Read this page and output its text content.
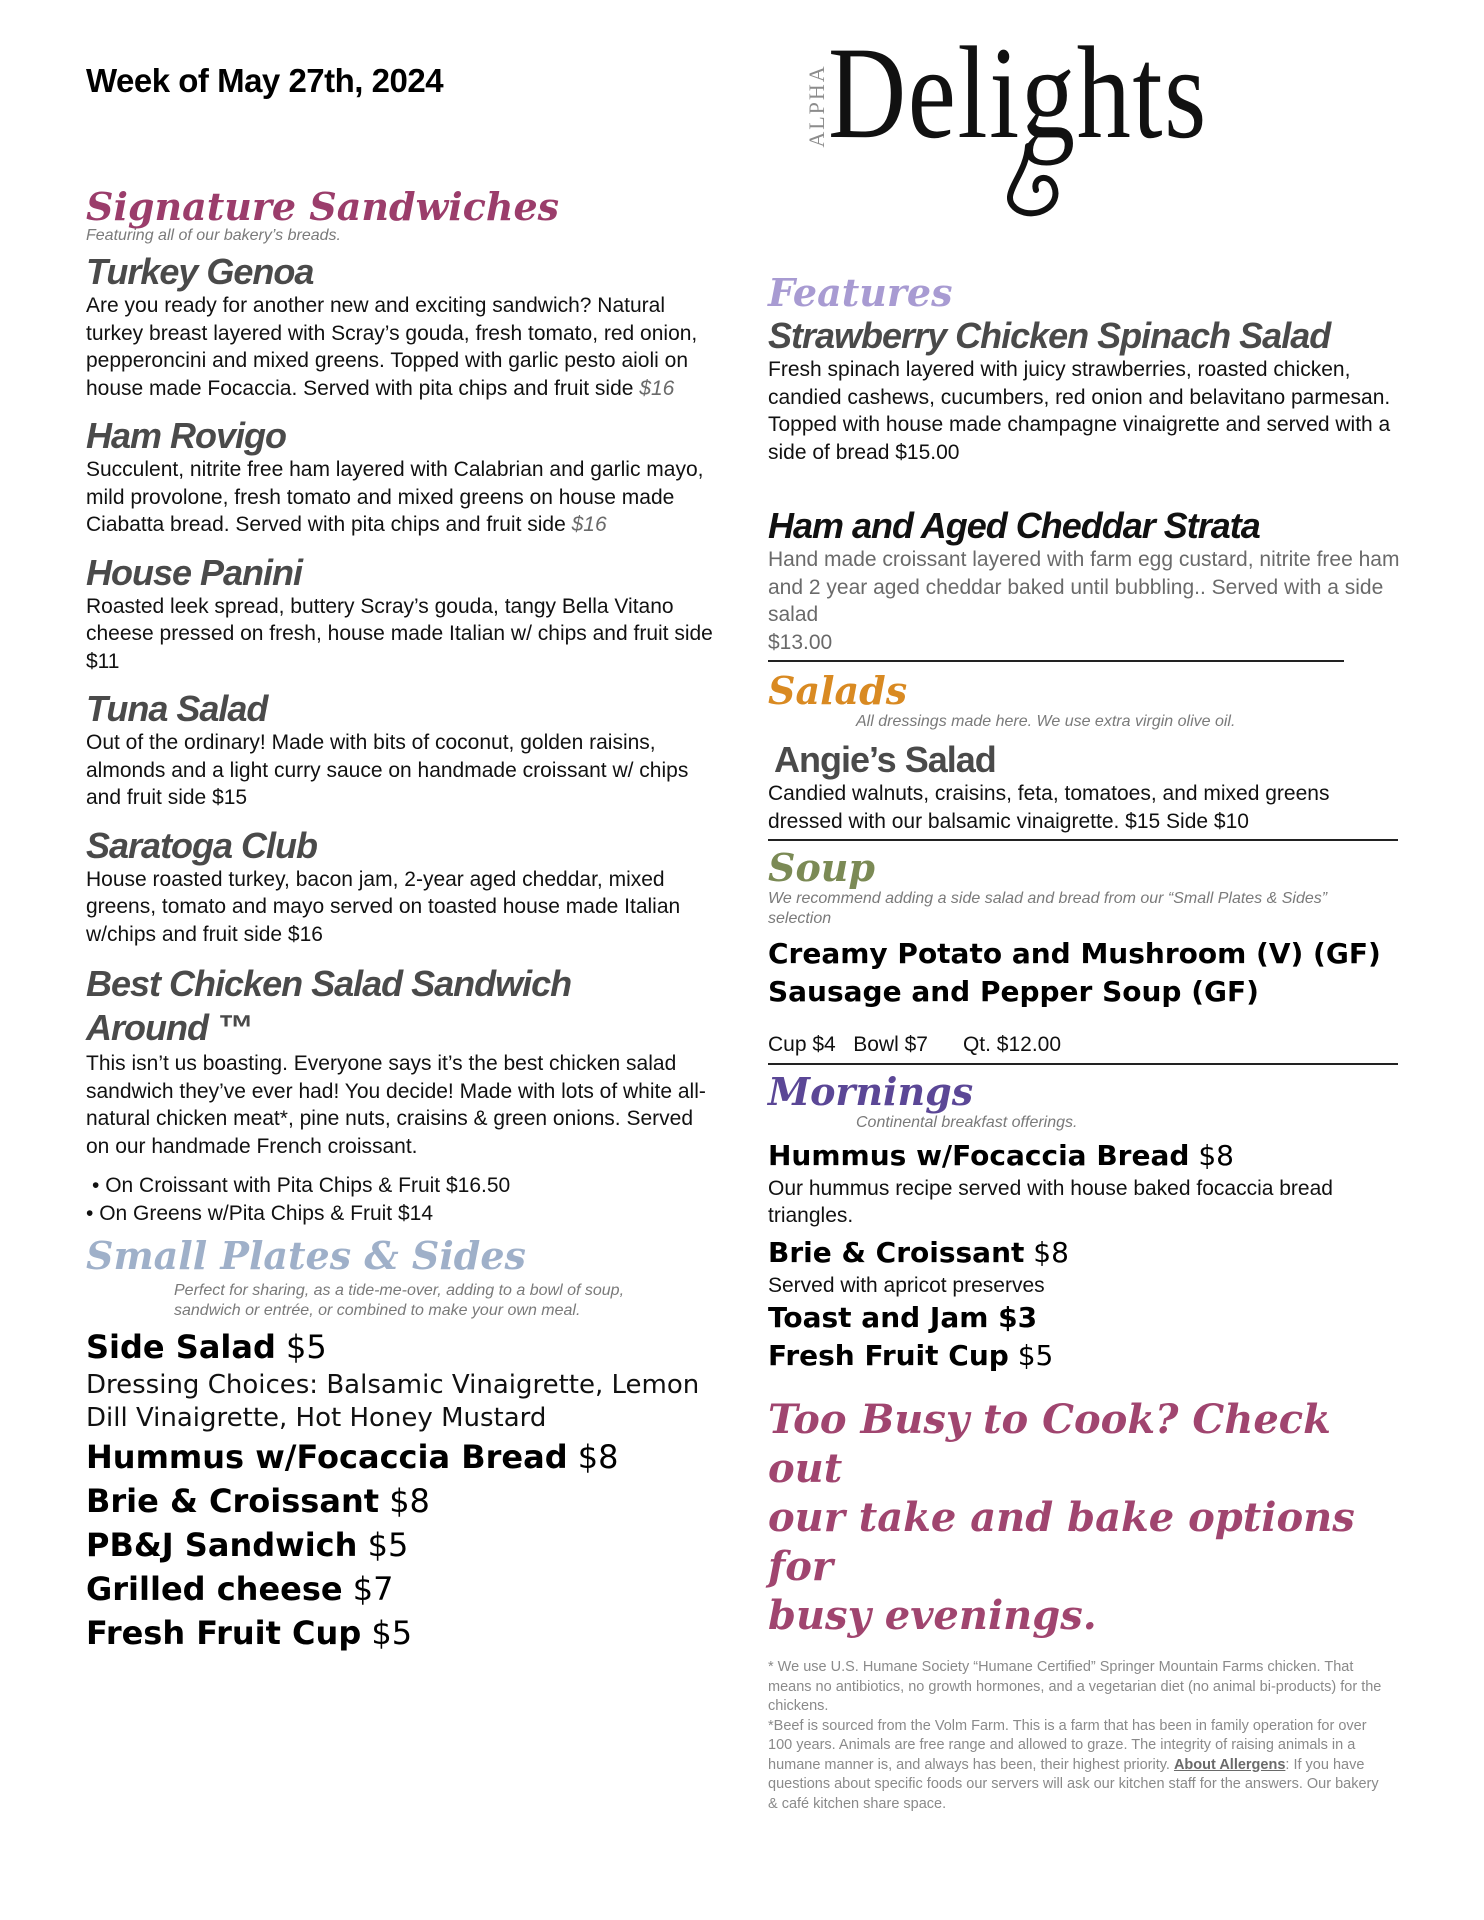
Week of May 27th, 2024	ALPHA Delights
Signature Sandwiches
Featuring all of our bakery’s breads.
Turkey Genoa

Are you ready for another new and exciting sandwich? Natural turkey breast layered with Scray’s gouda, fresh tomato, red onion, pepperoncini and mixed greens. Topped with garlic pesto aioli on house made Focaccia. Served with pita chips and fruit side $16

Ham Rovigo

Succulent, nitrite free ham layered with Calabrian and garlic mayo, mild provolone, fresh tomato and mixed greens on house made Ciabatta bread. Served with pita chips and fruit side $16

House Panini

Roasted leek spread, buttery Scray’s gouda, tangy Bella Vitano cheese pressed on fresh, house made Italian w/ chips and fruit side $11

Tuna Salad

Out of the ordinary! Made with bits of coconut, golden raisins, almonds and a light curry sauce on handmade croissant w/ chips and fruit side $15

Saratoga Club

House roasted turkey, bacon jam, 2-year aged cheddar, mixed greens, tomato and mayo served on toasted house made Italian w/chips and fruit side $16

Best Chicken Salad Sandwich
Around ™

This isn’t us boasting. Everyone says it’s the best chicken salad sandwich they’ve ever had! You decide! Made with lots of white all-natural chicken meat*, pine nuts, craisins & green onions. Served on our handmade French croissant.

• On Croissant with Pita Chips & Fruit $16.50
• On Greens w/Pita Chips & Fruit $14
Small Plates & Sides
Perfect for sharing, as a tide-me-over, adding to a bowl of soup,
sandwich or entrée, or combined to make your own meal.
Side Salad $5
Dressing Choices: Balsamic Vinaigrette, Lemon Dill Vinaigrette, Hot Honey Mustard
Hummus w/Focaccia Bread $8
Brie & Croissant $8
PB&J Sandwich $5
Grilled cheese $7
Fresh Fruit Cup $5
Features
Strawberry Chicken Spinach Salad

Fresh spinach layered with juicy strawberries, roasted chicken, candied cashews, cucumbers, red onion and belavitano parmesan. Topped with house made champagne vinaigrette and served with a side of bread $15.00

Ham and Aged Cheddar Strata

Hand made croissant layered with farm egg custard, nitrite free ham and 2 year aged cheddar baked until bubbling.. Served with a side salad
$13.00

Salads
All dressings made here. We use extra virgin olive oil.
Angie’s Salad

Candied walnuts, craisins, feta, tomatoes, and mixed greens dressed with our balsamic vinaigrette. $15 Side $10

Soup
We recommend adding a side salad and bread from our “Small Plates & Sides” selection
Creamy Potato and Mushroom (V) (GF)
Sausage and Pepper Soup (GF)
Cup $4 Bowl $7 Qt. $12.00
Mornings
Continental breakfast offerings.
Hummus w/Focaccia Bread $8

Our hummus recipe served with house baked focaccia bread triangles.

Brie & Croissant $8

Served with apricot preserves

Toast and Jam $3
Fresh Fruit Cup $5
Too Busy to Cook? Check out
our take and bake options for
busy evenings.
* We use U.S. Humane Society “Humane Certified” Springer Mountain Farms chicken. That means no antibiotics, no growth hormones, and a vegetarian diet (no animal bi-products) for the chickens.
*Beef is sourced from the Volm Farm. This is a farm that has been in family operation for over 100 years. Animals are free range and allowed to graze. The integrity of raising animals in a humane manner is, and always has been, their highest priority. About Allergens: If you have questions about specific foods our servers will ask our kitchen staff for the answers. Our bakery & café kitchen share space.
